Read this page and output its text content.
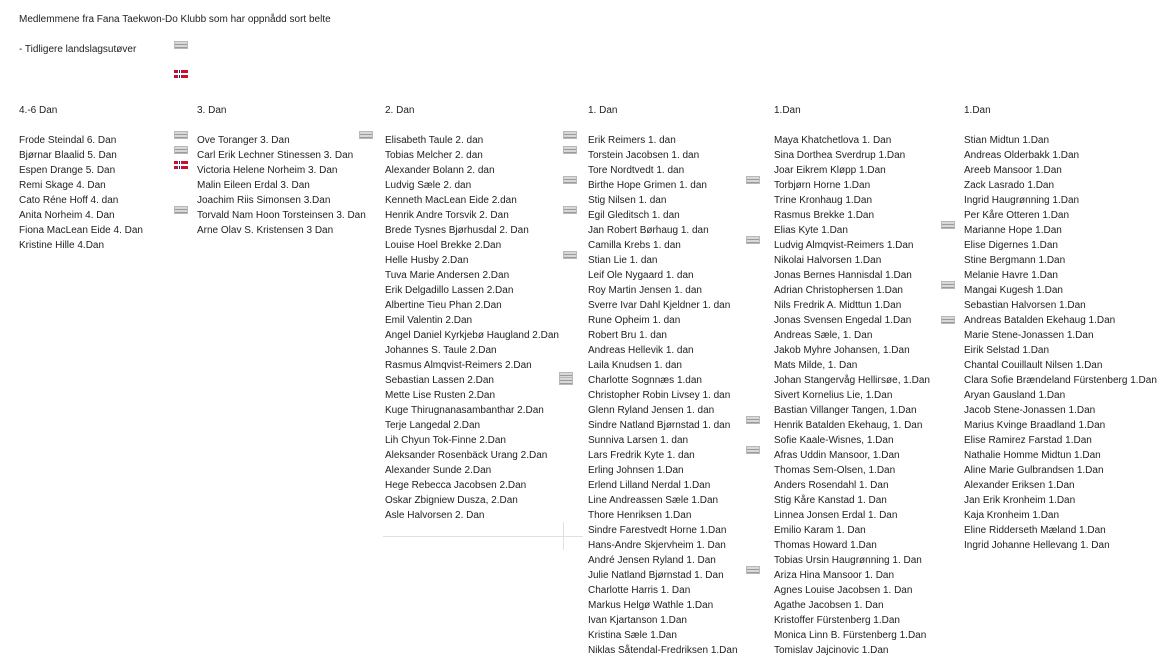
Medlemmene fra Fana Taekwon-Do Klubb som har oppnådd sort belte
- Tidligere landslagsutøver
4.-6 Dan
Frode Steindal 6. Dan
Bjørnar Blaalid 5. Dan
Espen Drange 5. Dan
Remi Skage 4. Dan
Cato Réne Hoff 4. dan
Anita Norheim 4. Dan
Fiona MacLean Eide 4. Dan
Kristine Hille 4.Dan
3. Dan
Ove Toranger 3. Dan
Carl Erik Lechner Stinessen 3. Dan
Victoria Helene Norheim 3. Dan
Malin Eileen Erdal 3. Dan
Joachim Riis Simonsen 3.Dan
Torvald Nam Hoon Torsteinsen 3. Dan
Arne Olav S. Kristensen 3 Dan
2. Dan
Elisabeth Taule 2. dan
Tobias Melcher 2. dan
Alexander Bolann 2. dan
Ludvig Sæle 2. dan
Kenneth MacLean Eide 2.dan
Henrik Andre Torsvik 2. Dan
Brede Tysnes Bjørhusdal 2. Dan
Louise Hoel Brekke 2.Dan
Helle Husby 2.Dan
Tuva Marie Andersen 2.Dan
Erik Delgadillo Lassen 2.Dan
Albertine Tieu Phan 2.Dan
Emil Valentin 2.Dan
Angel Daniel Kyrkjebø Haugland 2.Dan
Johannes S. Taule 2.Dan
Rasmus Almqvist-Reimers 2.Dan
Sebastian Lassen 2.Dan
Mette Lise Rusten 2.Dan
Kuge Thirugnanasambanthar 2.Dan
Terje Langedal 2.Dan
Lih Chyun Tok-Finne 2.Dan
Aleksander Rosenbäck Urang 2.Dan
Alexander Sunde 2.Dan
Hege Rebecca Jacobsen 2.Dan
Oskar Zbigniew Dusza, 2.Dan
Asle Halvorsen 2. Dan
1. Dan
Erik Reimers 1. dan
Torstein Jacobsen 1. dan
Tore Nordtvedt 1. dan
Birthe Hope Grimen 1. dan
Stig Nilsen 1. dan
Egil Gleditsch 1. dan
Jan Robert Børhaug 1. dan
Camilla Krebs 1. dan
Stian Lie 1. dan
Leif Ole Nygaard 1. dan
Roy Martin Jensen 1. dan
Sverre Ivar Dahl Kjeldner 1. dan
Rune Opheim 1. dan
Robert Bru 1. dan
Andreas Hellevik 1. dan
Laila Knudsen 1. dan
Charlotte Sognnæs 1.dan
Christopher Robin Livsey 1. dan
Glenn Ryland Jensen 1. dan
Sindre Natland Bjørnstad 1. dan
Sunniva Larsen 1. dan
Lars Fredrik Kyte 1. dan
Erling Johnsen 1.Dan
Erlend Lilland Nerdal 1.Dan
Line Andreassen Sæle 1.Dan
Thore Henriksen 1.Dan
Sindre Farestvedt Horne 1.Dan
Hans-Andre Skjervheim 1. Dan
André Jensen Ryland 1. Dan
Julie Natland Bjørnstad 1. Dan
Charlotte Harris 1. Dan
Markus Helgø Wathle 1.Dan
Ivan Kjartanson 1.Dan
Kristina Sæle 1.Dan
Niklas Såtendal-Fredriksen 1.Dan
1.Dan
Maya Khatchetlova 1. Dan
Sina Dorthea Sverdrup 1.Dan
Joar Eikrem Kløpp 1.Dan
Torbjørn Horne 1.Dan
Trine Kronhaug 1.Dan
Rasmus Brekke 1.Dan
Elias Kyte 1.Dan
Ludvig Almqvist-Reimers 1.Dan
Nikolai Halvorsen 1.Dan
Jonas Bernes Hannisdal 1.Dan
Adrian Christophersen 1.Dan
Nils Fredrik A. Midttun 1.Dan
Jonas Svensen Engedal 1.Dan
Andreas Sæle, 1. Dan
Jakob Myhre Johansen, 1.Dan
Mats Milde, 1. Dan
Johan Stangervåg Hellігsøe, 1.Dan
Sivert Kornelius Lie, 1.Dan
Bastian Villanger Tangen, 1.Dan
Henrik Batalden Ekehaug, 1. Dan
Sofie Kaale-Wisnes, 1.Dan
Afras Uddin Mansoor, 1.Dan
Thomas Sem-Olsen, 1.Dan
Anders Rosendahl 1. Dan
Stig Kåre Kanstad 1. Dan
Linnea Jonsen Erdal 1. Dan
Emilio Karam 1. Dan
Thomas Howard 1.Dan
Tobias Ursin Haugrønning 1. Dan
Ariza Hina Mansoor 1. Dan
Agnes Louise Jacobsen 1. Dan
Agathe Jacobsen 1. Dan
Kristoffer Fürstenberg 1.Dan
Monica Linn B. Fürstenberg 1.Dan
Tomislav Jajcinovic 1.Dan
1.Dan
Stian Midtun 1.Dan
Andreas Olderbakk 1.Dan
Areeb Mansoor 1.Dan
Zack Lasrado 1.Dan
Ingrid Haugrønning 1.Dan
Per Kåre Otteren 1.Dan
Marianne Hope 1.Dan
Elise Digernes 1.Dan
Stine Bergmann 1.Dan
Melanie Havre 1.Dan
Mangai Kugesh 1.Dan
Sebastian Halvorsen 1.Dan
Andreas Batalden Ekehaug 1.Dan
Marie Stene-Jonassen 1.Dan
Eirik Selstad 1.Dan
Chantal Couillault Nilsen 1.Dan
Clara Sofie Brændeland Fürstenberg 1.Dan
Aryan Gausland 1.Dan
Jacob Stene-Jonassen 1.Dan
Marius Kvinge Braadland 1.Dan
Elise Ramirez Farstad 1.Dan
Nathalie Homme Midtun 1.Dan
Aline Marie Gulbrandsen 1.Dan
Alexander Eriksen 1.Dan
Jan Erik Kronheim 1.Dan
Kaja Kronheim 1.Dan
Eline Ridderseth Mæland 1.Dan
Ingrid Johanne Hellevang 1. Dan
